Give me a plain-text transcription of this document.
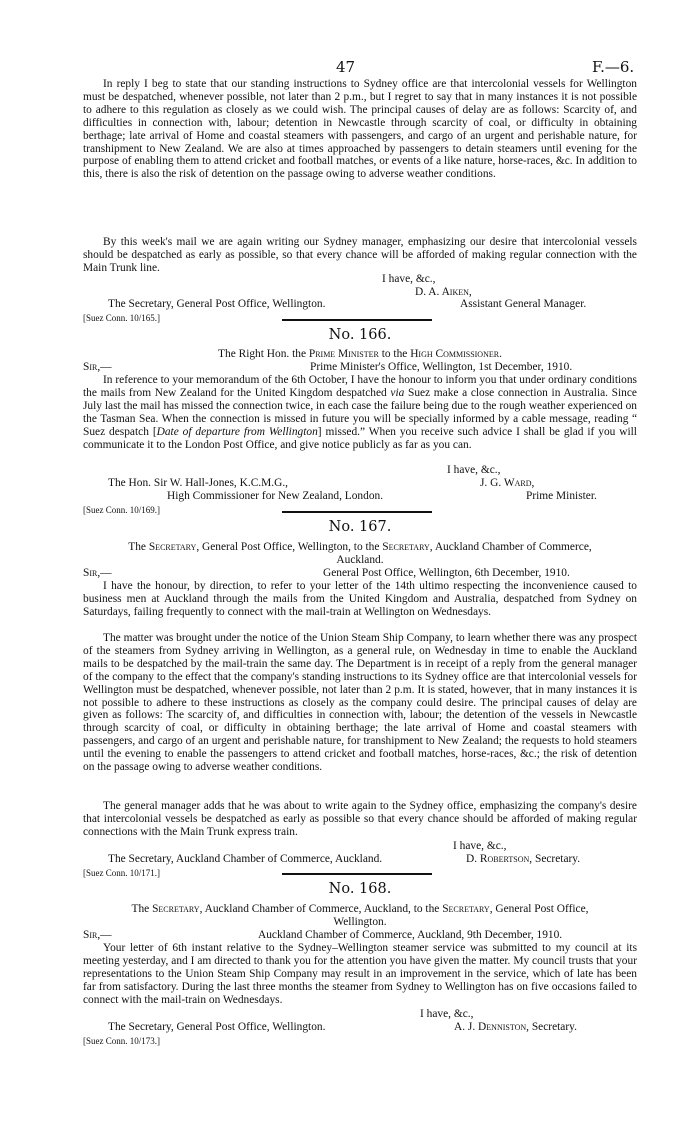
47	F.—6.

In reply I beg to state that our standing instructions to Sydney office are that intercolonial vessels for Wellington must be despatched, whenever possible, not later than 2 p.m., but I regret to say that in many instances it is not possible to adhere to this regulation as closely as we could wish. The principal causes of delay are as follows: Scarcity of, and difficulties in connection with, labour; detention in Newcastle through scarcity of coal, or difficulty in obtaining berthage; late arrival of Home and coastal steamers with passengers, and cargo of an urgent and perishable nature, for transhipment to New Zealand. We are also at times approached by passengers to detain steamers until evening for the purpose of enabling them to attend cricket and football matches, or events of a like nature, horse-races, &c. In addition to this, there is also the risk of detention on the passage owing to adverse weather conditions.

By this week's mail we are again writing our Sydney manager, emphasizing our desire that intercolonial vessels should be despatched as early as possible, so that every chance will be afforded of making regular connection with the Main Trunk line.

I have, &c.,

D. A. Aiken,

The Secretary, General Post Office, Wellington.	Assistant General Manager.

[Suez Conn. 10/165.]

No. 166.

The Right Hon. the Prime Minister to the High Commissioner.

Sir,—	Prime Minister's Office, Wellington, 1st December, 1910.

In reference to your memorandum of the 6th October, I have the honour to inform you that under ordinary conditions the mails from New Zealand for the United Kingdom despatched via Suez make a close connection in Australia. Since July last the mail has missed the connection twice, in each case the failure being due to the rough weather experienced on the Tasman Sea. When the connection is missed in future you will be specially informed by a cable message, reading “ Suez despatch [Date of departure from Wellington] missed.” When you receive such advice I shall be glad if you will communicate it to the London Post Office, and give notice publicly as far as you can.

I have, &c.,

J. G. Ward,

The Hon. Sir W. Hall-Jones, K.C.M.G.,

High Commissioner for New Zealand, London.	Prime Minister.

[Suez Conn. 10/169.]

No. 167.

The Secretary, General Post Office, Wellington, to the Secretary, Auckland Chamber of Commerce,

Auckland.

Sir,—	General Post Office, Wellington, 6th December, 1910.

I have the honour, by direction, to refer to your letter of the 14th ultimo respecting the inconvenience caused to business men at Auckland through the mails from the United Kingdom and Australia, despatched from Sydney on Saturdays, failing frequently to connect with the mail-train at Wellington on Wednesdays.

The matter was brought under the notice of the Union Steam Ship Company, to learn whether there was any prospect of the steamers from Sydney arriving in Wellington, as a general rule, on Wednesday in time to enable the Auckland mails to be despatched by the mail-train the same day. The Department is in receipt of a reply from the general manager of the company to the effect that the company's standing instructions to its Sydney office are that intercolonial vessels for Wellington must be despatched, whenever possible, not later than 2 p.m. It is stated, however, that in many instances it is not possible to adhere to these instructions as closely as the company could desire. The principal causes of delay are given as follows: The scarcity of, and difficulties in connection with, labour; the detention of the vessels in Newcastle through scarcity of coal, or difficulty in obtaining berthage; the late arrival of Home and coastal steamers with passengers, and cargo of an urgent and perishable nature, for transhipment to New Zealand; the requests to hold steamers until the evening to enable the passengers to attend cricket and football matches, horse-races, &c.; the risk of detention on the passage owing to adverse weather conditions.

The general manager adds that he was about to write again to the Sydney office, emphasizing the company's desire that intercolonial vessels be despatched as early as possible so that every chance should be afforded of making regular connections with the Main Trunk express train.

I have, &c.,

The Secretary, Auckland Chamber of Commerce, Auckland.	D. Robertson, Secretary.

[Suez Conn. 10/171.]

No. 168.

The Secretary, Auckland Chamber of Commerce, Auckland, to the Secretary, General Post Office,

Wellington.

Sir,—	Auckland Chamber of Commerce, Auckland, 9th December, 1910.

Your letter of 6th instant relative to the Sydney–Wellington steamer service was submitted to my council at its meeting yesterday, and I am directed to thank you for the attention you have given the matter. My council trusts that your representations to the Union Steam Ship Company may result in an improvement in the service, which of late has been far from satisfactory. During the last three months the steamer from Sydney to Wellington has on five occasions failed to connect with the mail-train on Wednesdays.

I have, &c.,

The Secretary, General Post Office, Wellington.	A. J. Denniston, Secretary.

[Suez Conn. 10/173.]
